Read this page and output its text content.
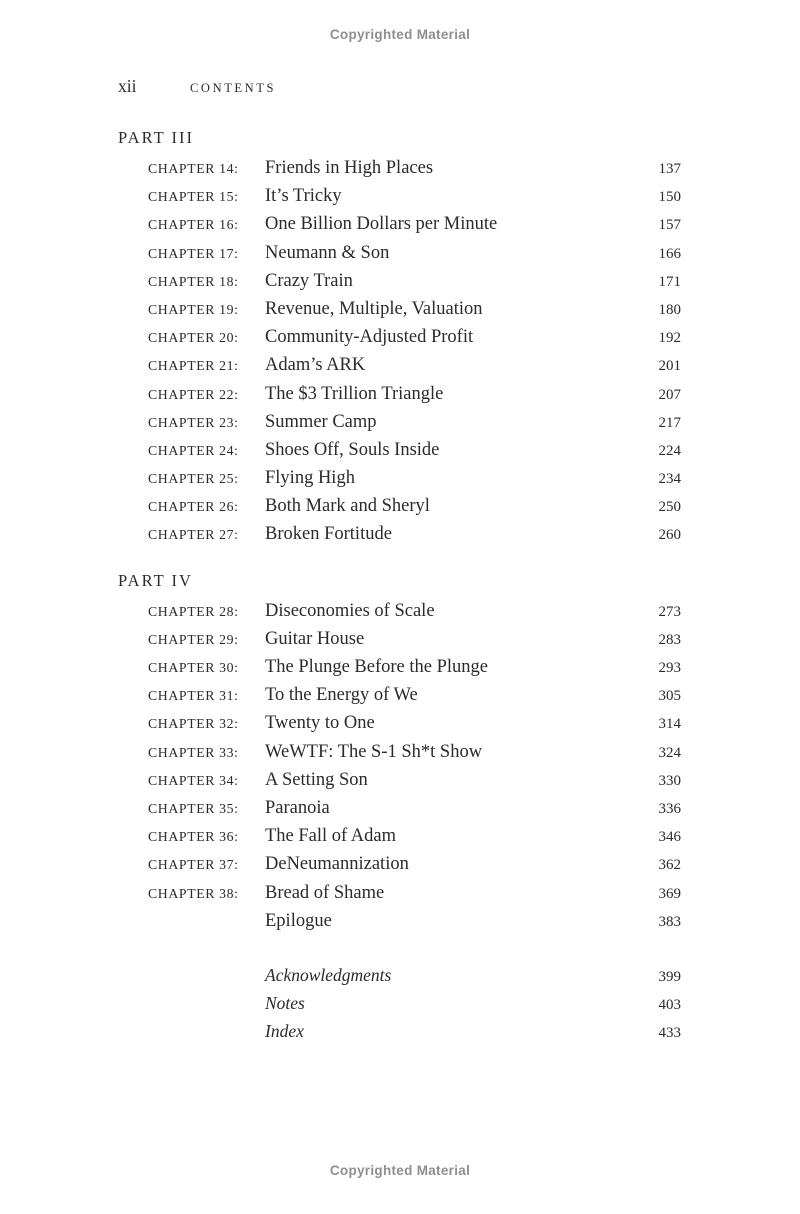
Copyrighted Material
xii	CONTENTS
PART III
CHAPTER 14:	Friends in High Places	137
CHAPTER 15:	It’s Tricky	150
CHAPTER 16:	One Billion Dollars per Minute	157
CHAPTER 17:	Neumann & Son	166
CHAPTER 18:	Crazy Train	171
CHAPTER 19:	Revenue, Multiple, Valuation	180
CHAPTER 20:	Community-Adjusted Profit	192
CHAPTER 21:	Adam’s ARK	201
CHAPTER 22:	The $3 Trillion Triangle	207
CHAPTER 23:	Summer Camp	217
CHAPTER 24:	Shoes Off, Souls Inside	224
CHAPTER 25:	Flying High	234
CHAPTER 26:	Both Mark and Sheryl	250
CHAPTER 27:	Broken Fortitude	260
PART IV
CHAPTER 28:	Diseconomies of Scale	273
CHAPTER 29:	Guitar House	283
CHAPTER 30:	The Plunge Before the Plunge	293
CHAPTER 31:	To the Energy of We	305
CHAPTER 32:	Twenty to One	314
CHAPTER 33:	WeWTF: The S-1 Sh*t Show	324
CHAPTER 34:	A Setting Son	330
CHAPTER 35:	Paranoia	336
CHAPTER 36:	The Fall of Adam	346
CHAPTER 37:	DeNeumannization	362
CHAPTER 38:	Bread of Shame	369
Epilogue	383
Acknowledgments	399
Notes	403
Index	433
Copyrighted Material
